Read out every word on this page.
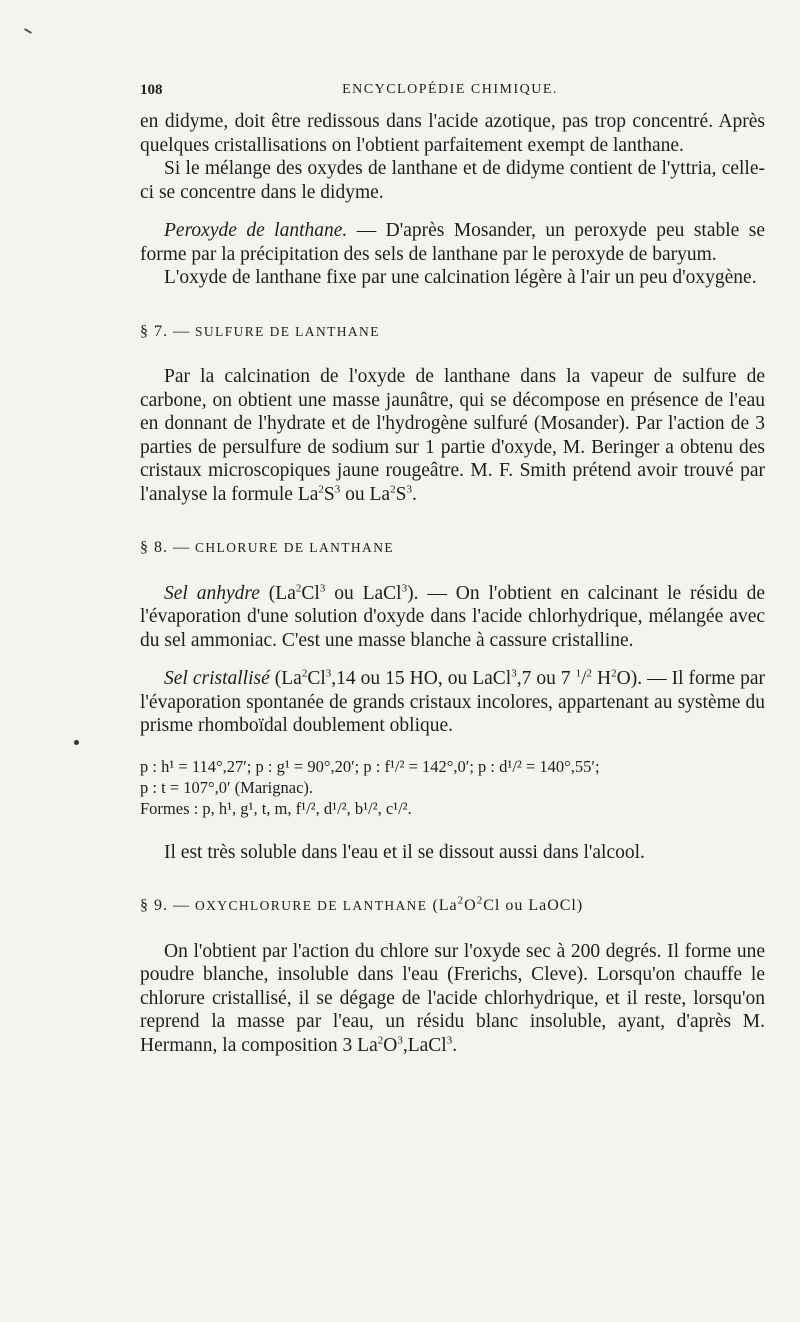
108	ENCYCLOPÉDIE CHIMIQUE.

en didyme, doit être redissous dans l'acide azotique, pas trop concentré. Après quelques cristallisations on l'obtient parfaitement exempt de lanthane.

Si le mélange des oxydes de lanthane et de didyme contient de l'yttria, celle-ci se concentre dans le didyme.

Peroxyde de lanthane. — D'après Mosander, un peroxyde peu stable se forme par la précipitation des sels de lanthane par le peroxyde de baryum.

L'oxyde de lanthane fixe par une calcination légère à l'air un peu d'oxygène.

§ 7. — SULFURE DE LANTHANE

Par la calcination de l'oxyde de lanthane dans la vapeur de sulfure de carbone, on obtient une masse jaunâtre, qui se décompose en présence de l'eau en donnant de l'hydrate et de l'hydrogène sulfuré (Mosander). Par l'action de 3 parties de persulfure de sodium sur 1 partie d'oxyde, M. Beringer a obtenu des cristaux microscopiques jaune rougeâtre. M. F. Smith prétend avoir trouvé par l'analyse la formule $La^2S^3$ ou $La^2S^3$.

§ 8. — CHLORURE DE LANTHANE

Sel anhydre (La$^2$Cl$^3$ ou LaCl$^3$). — On l'obtient en calcinant le résidu de l'évaporation d'une solution d'oxyde dans l'acide chlorhydrique, mélangée avec du sel ammoniac. C'est une masse blanche à cassure cristalline.

Sel cristallisé (La$^2$Cl$^3$,14 ou 15 HO, ou LaCl$^3$,7 ou 7 $^1$/$^2$ $H^2O$). — Il forme par l'évaporation spontanée de grands cristaux incolores, appartenant au système du prisme rhomboïdal doublement oblique.

p : h¹ = 114°,27′; p : g¹ = 90°,20′; p : f¹/² = 142°,0′; p : d¹/² = 140°,55′;

p : t = 107°,0′ (Marignac).

Formes : p, h¹, g¹, t, m, f¹/², d¹/², b¹/², c¹/².

Il est très soluble dans l'eau et il se dissout aussi dans l'alcool.

§ 9. — OXYCHLORURE DE LANTHANE ($La^2O^2Cl$ ou LaOCl)

On l'obtient par l'action du chlore sur l'oxyde sec à 200 degrés. Il forme une poudre blanche, insoluble dans l'eau (Frerichs, Cleve). Lorsqu'on chauffe le chlorure cristallisé, il se dégage de l'acide chlorhydrique, et il reste, lorsqu'on reprend la masse par l'eau, un résidu blanc insoluble, ayant, d'après M. Hermann, la composition 3 $La^2O^3,LaCl^3$.
